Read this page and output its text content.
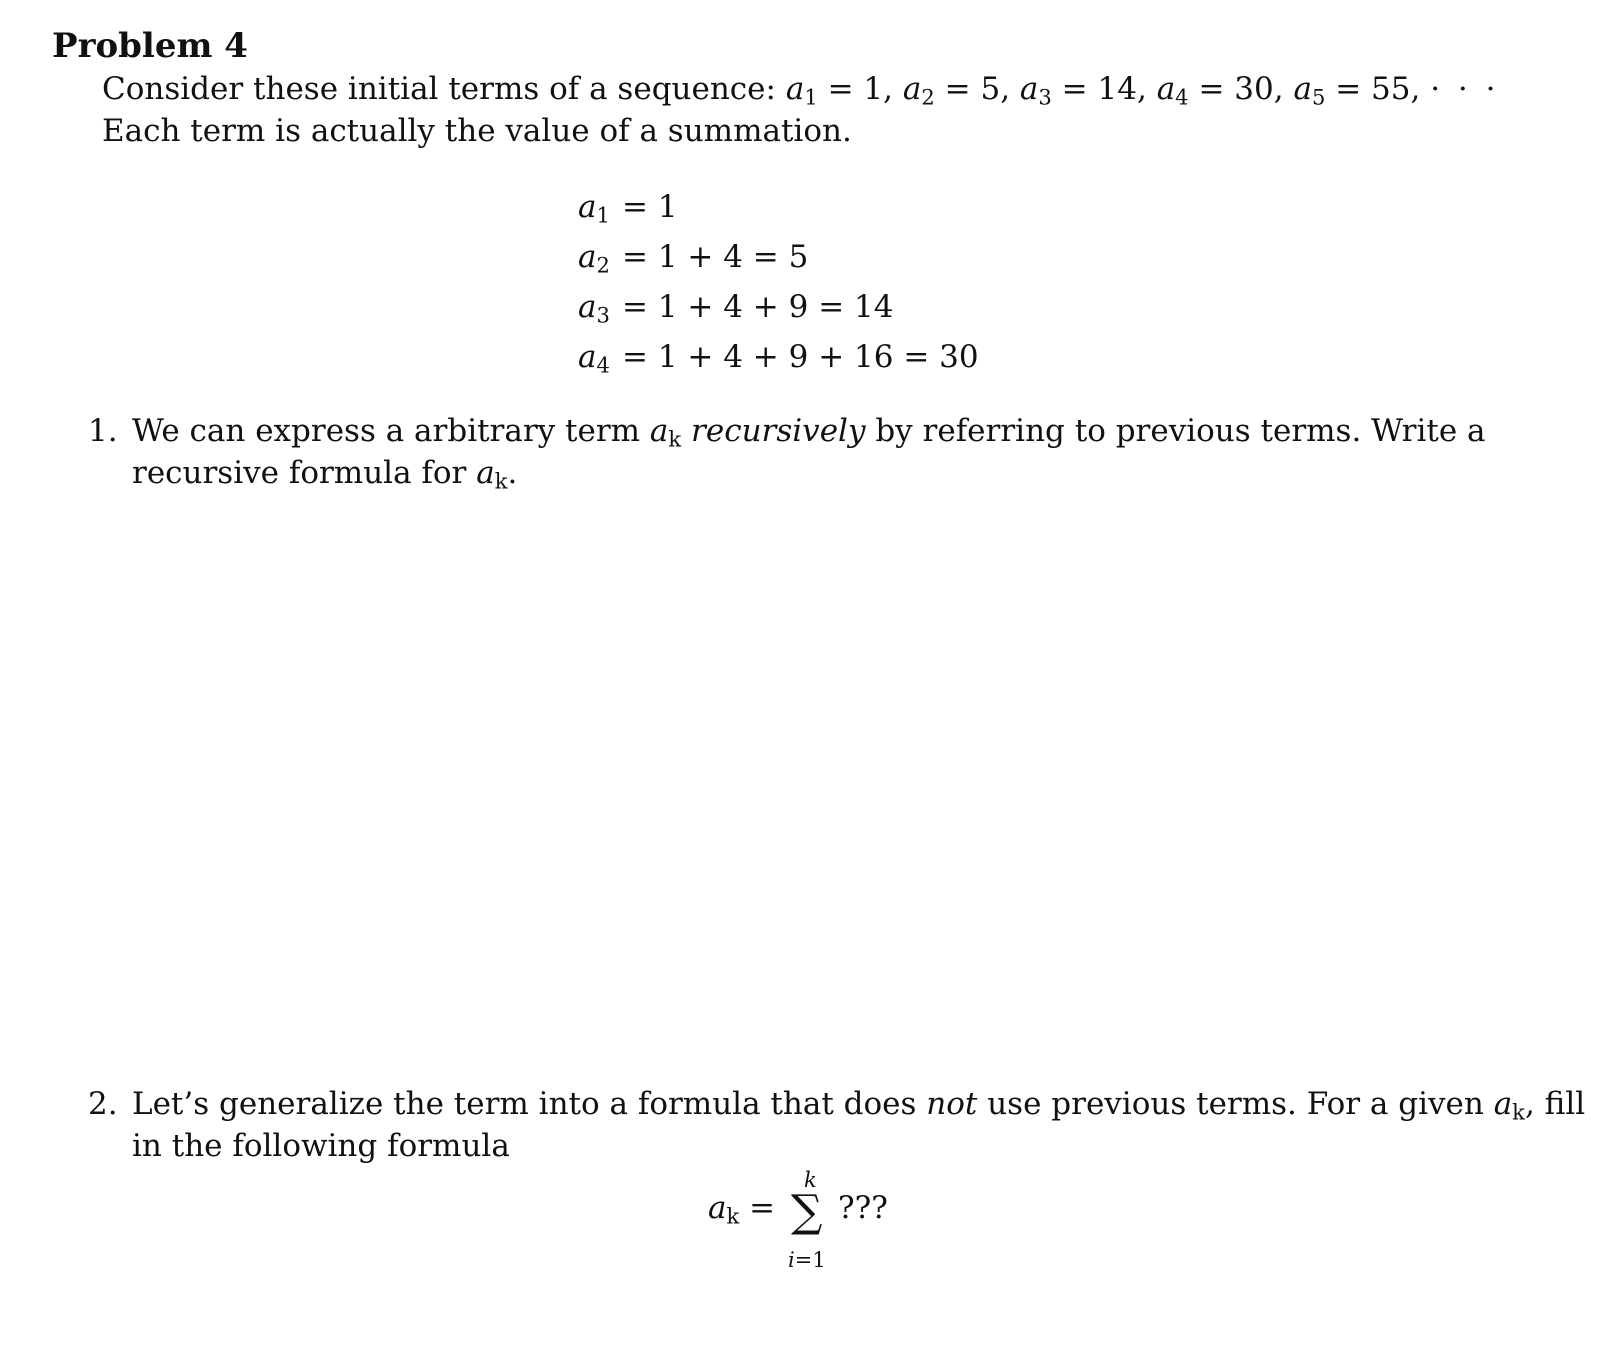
Problem 4
Consider these initial terms of a sequence: $a_1 = 1$, $a_2 = 5$, $a_3 = 14$, $a_4 = 30$, $a_5 = 55$, · · ·
Each term is actually the value of a summation.
$a_1 = 1$
$a_2 = 1 + 4 = 5$
$a_3 = 1 + 4 + 9 = 14$
$a_4 = 1 + 4 + 9 + 16 = 30$
1. We can express a arbitrary term $a_k$ recursively by referring to previous terms. Write a
recursive formula for $a_k$.
2. Let’s generalize the term into a formula that does not use previous terms. For a given $a_k$, fill
in the following formula
$a_k$ =
k
∑
i=1
???
